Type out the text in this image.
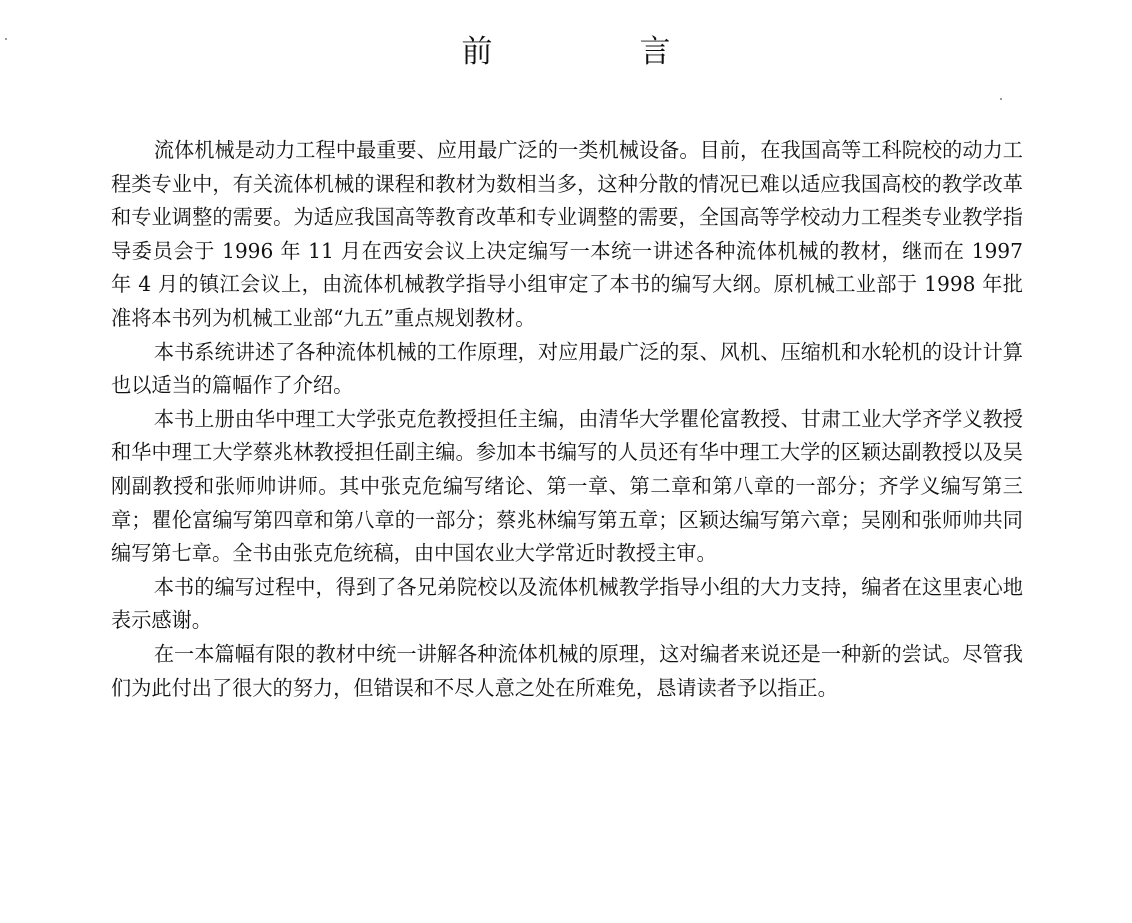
前　言

流体机械是动力工程中最重要、应用最广泛的一类机械设备。目前，在我国高等工科院校的动力工程类专业中，有关流体机械的课程和教材为数相当多，这种分散的情况已难以适应我国高校的教学改革和专业调整的需要。为适应我国高等教育改革和专业调整的需要，全国高等学校动力工程类专业教学指导委员会于 1996 年 11 月在西安会议上决定编写一本统一讲述各种流体机械的教材，继而在 1997 年 4 月的镇江会议上，由流体机械教学指导小组审定了本书的编写大纲。原机械工业部于 1998 年批准将本书列为机械工业部“九五”重点规划教材。

本书系统讲述了各种流体机械的工作原理，对应用最广泛的泵、风机、压缩机和水轮机的设计计算也以适当的篇幅作了介绍。

本书上册由华中理工大学张克危教授担任主编，由清华大学瞿伦富教授、甘肃工业大学齐学义教授和华中理工大学蔡兆林教授担任副主编。参加本书编写的人员还有华中理工大学的区颖达副教授以及吴刚副教授和张师帅讲师。其中张克危编写绪论、第一章、第二章和第八章的一部分；齐学义编写第三章；瞿伦富编写第四章和第八章的一部分；蔡兆林编写第五章；区颖达编写第六章；吴刚和张师帅共同编写第七章。全书由张克危统稿，由中国农业大学常近时教授主审。

本书的编写过程中，得到了各兄弟院校以及流体机械教学指导小组的大力支持，编者在这里衷心地表示感谢。

在一本篇幅有限的教材中统一讲解各种流体机械的原理，这对编者来说还是一种新的尝试。尽管我们为此付出了很大的努力，但错误和不尽人意之处在所难免，恳请读者予以指正。
